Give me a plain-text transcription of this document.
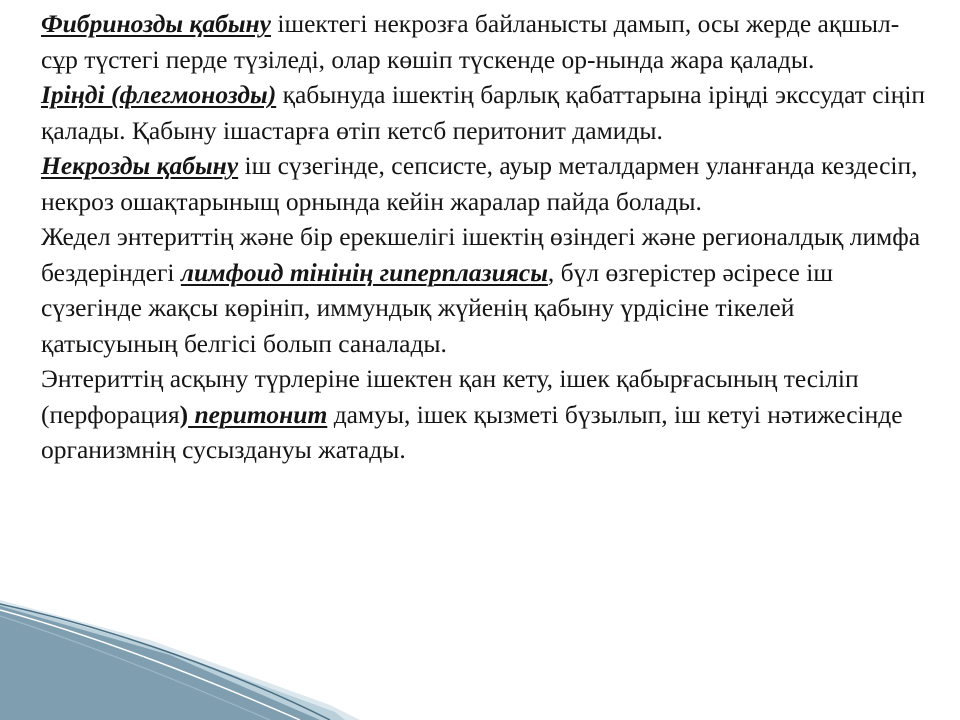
Фибринозды қабыну ішектегі некрозға байланысты дамып, осы жерде ақшыл-сұр түстегі перде түзіледі, олар көшіп түскенде ор-нында жара қалады.

Іріңді (флегмонозды) қабынуда ішектің барлық қабаттарына іріңді экссудат сіңіп қалады. Қабыну ішастарға өтіп кетсб перитонит дамиды.

Некрозды қабыну іш сүзегінде, сепсисте, ауыр металдармен уланғанда кездесіп, некроз ошақтарыныщ орнында кейін жаралар пайда болады.

Жедел энтериттің және бір ерекшелігі ішектің өзіндегі және регионалдық лимфа бездеріндегі лимфоид тінінің гиперплазиясы, бүл өзгерістер әсіресе іш сүзегінде жақсы көрініп, иммундық жүйенің қабыну үрдісіне тікелей қатысуының белгісі болып саналады.

Энтериттің асқыну түрлеріне ішектен қан кету, ішек қабырғасының тесіліп (перфорация) перитонит дамуы, ішек қызметі бүзылып, іш кетуі нәтижесінде организмнің сусыздануы жатады.
